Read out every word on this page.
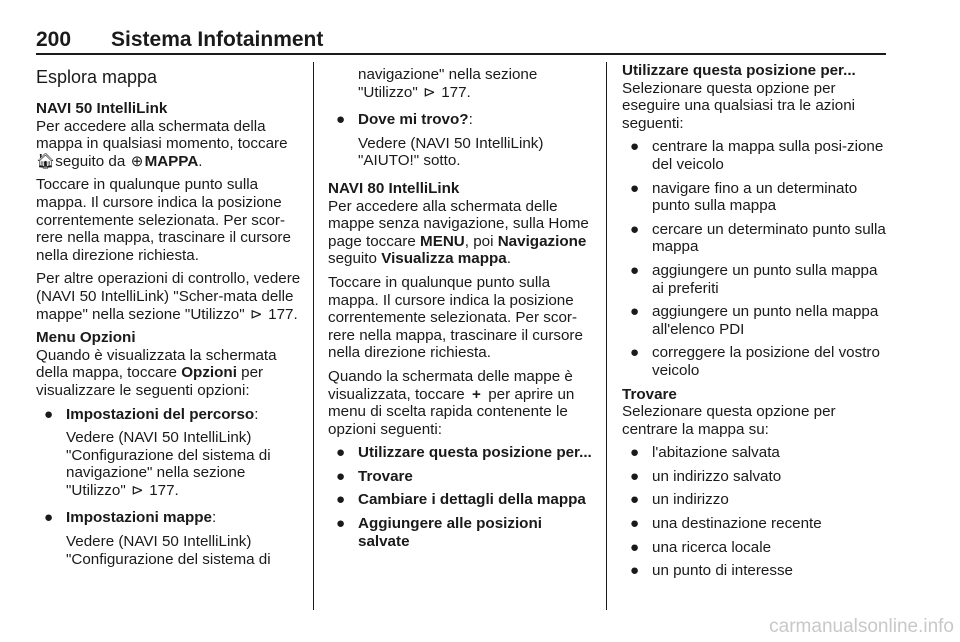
200 Sistema Infotainment
Esplora mappa
NAVI 50 IntelliLink

Per accedere alla schermata della mappa in qualsiasi momento, toccare 🏠︎ seguito da ⊕MAPPA.

Toccare in qualunque punto sulla mappa. Il cursore indica la posizione correntemente selezionata. Per scor-rere nella mappa, trascinare il cursore nella direzione richiesta.

Per altre operazioni di controllo, vedere (NAVI 50 IntelliLink) "Scher-mata delle mappe" nella sezione "Utilizzo" ⊳ 177.

Menu Opzioni

Quando è visualizzata la schermata della mappa, toccare Opzioni per visualizzare le seguenti opzioni:

● Impostazioni del percorso:
Vedere (NAVI 50 IntelliLink) "Configurazione del sistema di navigazione" nella sezione "Utilizzo" ⊳ 177.
● Impostazioni mappe:
Vedere (NAVI 50 IntelliLink) "Configurazione del sistema di
navigazione" nella sezione "Utilizzo" ⊳ 177.
● Dove mi trovo?:
Vedere (NAVI 50 IntelliLink) "AIUTO!" sotto.
NAVI 80 IntelliLink

Per accedere alla schermata delle mappe senza navigazione, sulla Home page toccare MENU, poi Navigazione seguito Visualizza mappa.

Toccare in qualunque punto sulla mappa. Il cursore indica la posizione correntemente selezionata. Per scor-rere nella mappa, trascinare il cursore nella direzione richiesta.

Quando la schermata delle mappe è visualizzata, toccare + per aprire un menu di scelta rapida contenente le opzioni seguenti:

● Utilizzare questa posizione per...
● Trovare
● Cambiare i dettagli della mappa
● Aggiungere alle posizioni salvate
Utilizzare questa posizione per...

Selezionare questa opzione per eseguire una qualsiasi tra le azioni seguenti:

● centrare la mappa sulla posi-zione del veicolo
● navigare fino a un determinato punto sulla mappa
● cercare un determinato punto sulla mappa
● aggiungere un punto sulla mappa ai preferiti
● aggiungere un punto nella mappa all'elenco PDI
● correggere la posizione del vostro veicolo
Trovare

Selezionare questa opzione per centrare la mappa su:

● l'abitazione salvata
● un indirizzo salvato
● un indirizzo
● una destinazione recente
● una ricerca locale
● un punto di interesse
carmanualsonline.info
